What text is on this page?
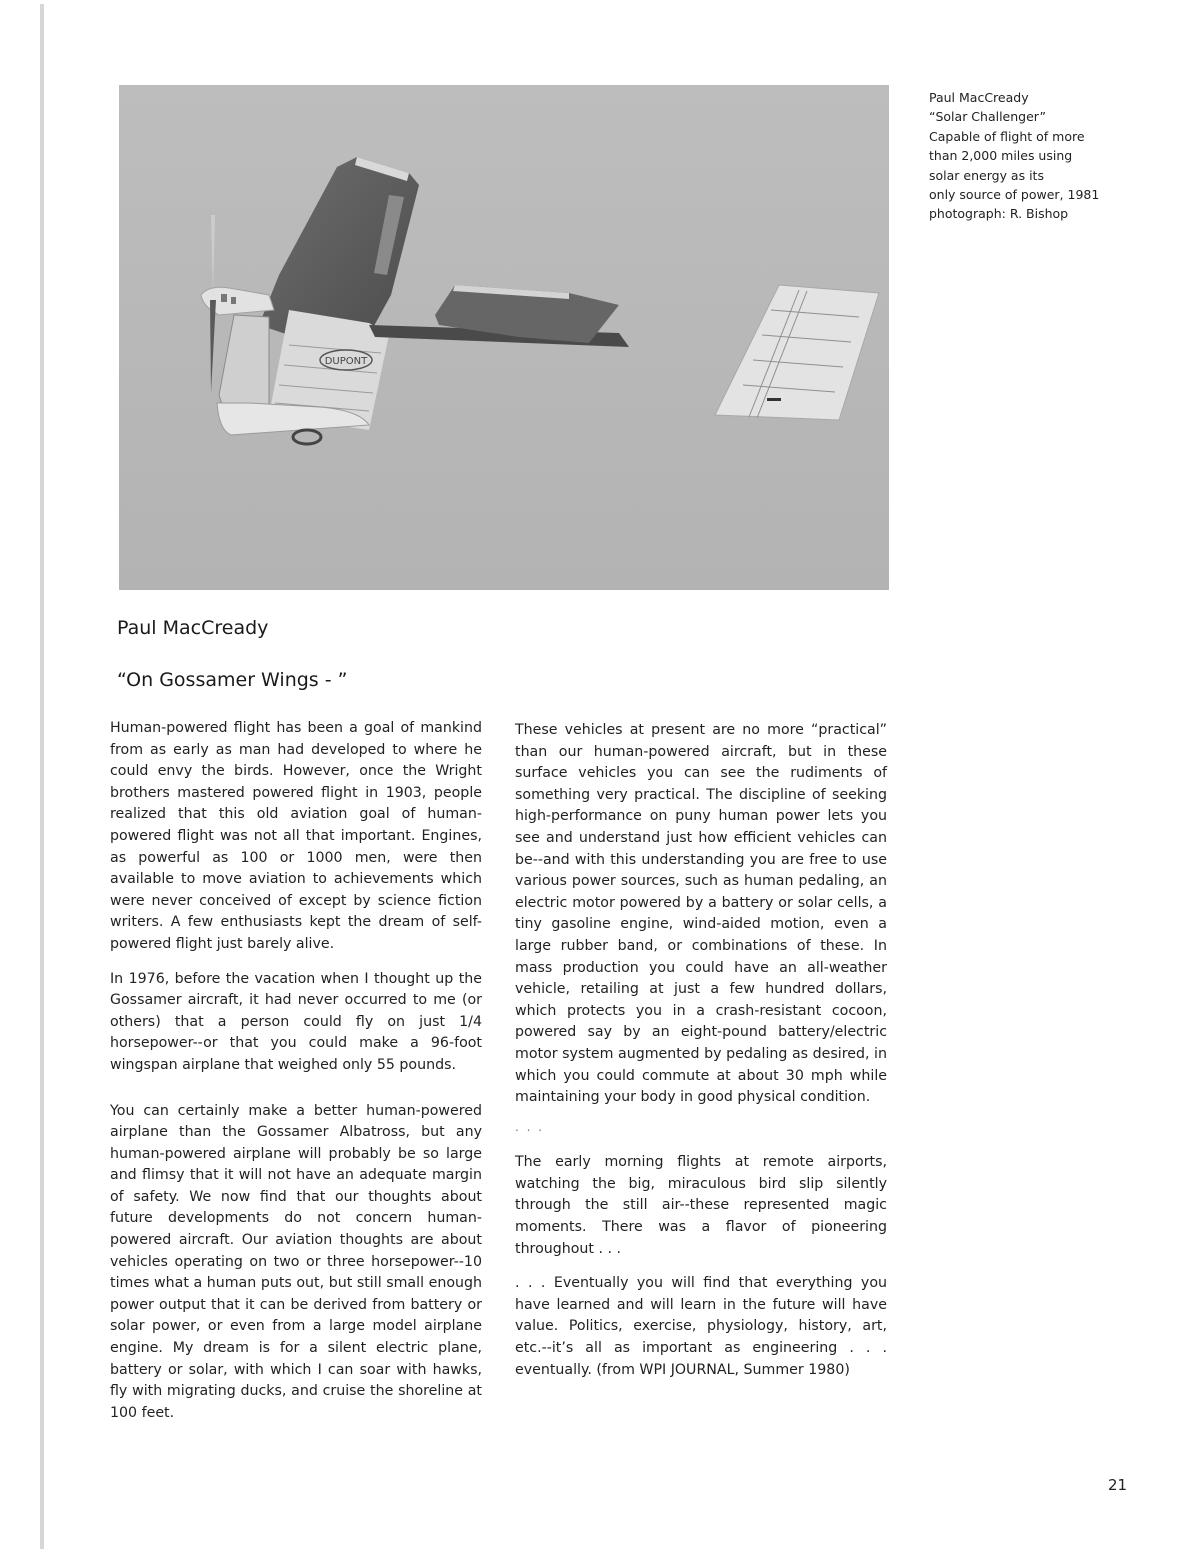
DUPONT
Paul MacCready
“Solar Challenger”
Capable of flight of more
than 2,000 miles using
solar energy as its
only source of power, 1981
photograph: R. Bishop
Paul MacCready
“On Gossamer Wings - ”

Human-powered flight has been a goal of mankind from as early as man had developed to where he could envy the birds. However, once the Wright brothers mastered powered flight in 1903, people realized that this old aviation goal of human-powered flight was not all that important. Engines, as powerful as 100 or 1000 men, were then available to move aviation to achievements which were never conceived of except by science fiction writers. A few enthusiasts kept the dream of self-powered flight just barely alive.

In 1976, before the vacation when I thought up the Gossamer aircraft, it had never occurred to me (or others) that a person could fly on just 1/4 horsepower--or that you could make a 96-foot wingspan airplane that weighed only 55 pounds.

You can certainly make a better human-powered airplane than the Gossamer Albatross, but any human-powered airplane will probably be so large and flimsy that it will not have an adequate margin of safety. We now find that our thoughts about future developments do not concern human-powered aircraft. Our aviation thoughts are about vehicles operating on two or three horsepower--10 times what a human puts out, but still small enough power output that it can be derived from battery or solar power, or even from a large model airplane engine. My dream is for a silent electric plane, battery or solar, with which I can soar with hawks, fly with migrating ducks, and cruise the shoreline at 100 feet.

These vehicles at present are no more “practical” than our human-powered aircraft, but in these surface vehicles you can see the rudiments of something very practical. The discipline of seeking high-performance on puny human power lets you see and understand just how efficient vehicles can be--and with this understanding you are free to use various power sources, such as human pedaling, an electric motor powered by a battery or solar cells, a tiny gasoline engine, wind-aided motion, even a large rubber band, or combinations of these. In mass production you could have an all-weather vehicle, retailing at just a few hundred dollars, which protects you in a crash-resistant cocoon, powered say by an eight-pound battery/electric motor system augmented by pedaling as desired, in which you could commute at about 30 mph while maintaining your body in good physical condition.

. . .

The early morning flights at remote airports, watching the big, miraculous bird slip silently through the still air--these represented magic moments. There was a flavor of pioneering throughout . . .

. . . Eventually you will find that everything you have learned and will learn in the future will have value. Politics, exercise, physiology, history, art, etc.--it’s all as important as engineering . . . eventually. (from WPI JOURNAL, Summer 1980)

21
